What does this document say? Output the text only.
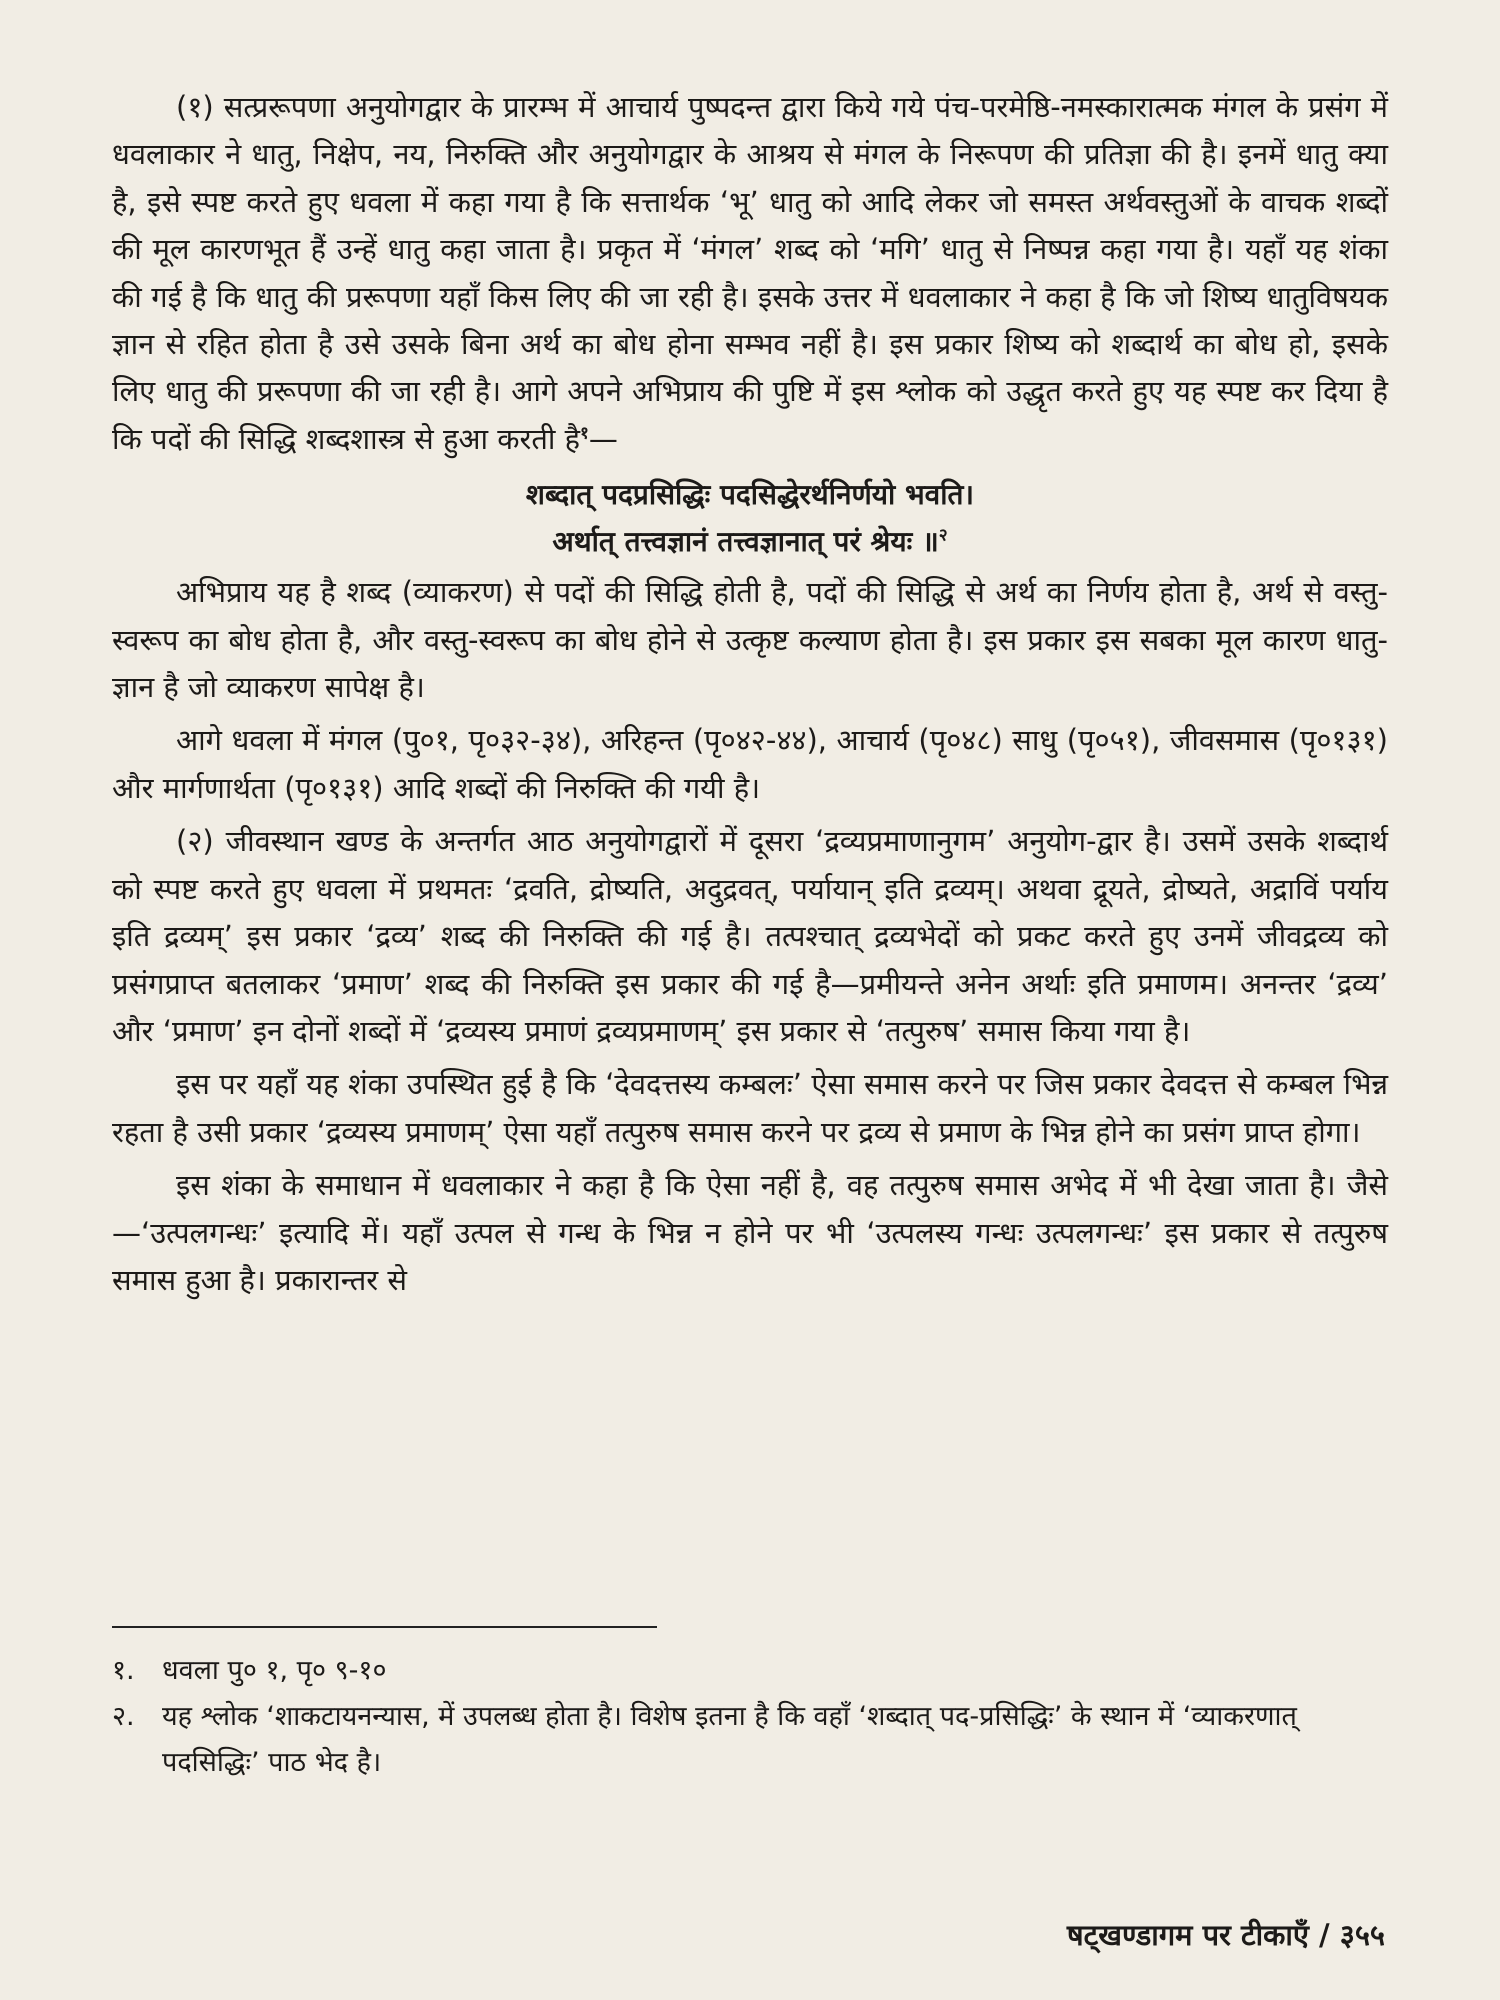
(१) सत्प्ररूपणा अनुयोगद्वार के प्रारम्भ में आचार्य पुष्पदन्त द्वारा किये गये पंच-परमेष्ठि-नमस्कारात्मक मंगल के प्रसंग में धवलाकार ने धातु, निक्षेप, नय, निरुक्ति और अनुयोगद्वार के आश्रय से मंगल के निरूपण की प्रतिज्ञा की है। इनमें धातु क्या है, इसे स्पष्ट करते हुए धवला में कहा गया है कि सत्तार्थक ‘भू’ धातु को आदि लेकर जो समस्त अर्थवस्तुओं के वाचक शब्दों की मूल कारणभूत हैं उन्हें धातु कहा जाता है। प्रकृत में ‘मंगल’ शब्द को ‘मगि’ धातु से निष्पन्न कहा गया है। यहाँ यह शंका की गई है कि धातु की प्ररूपणा यहाँ किस लिए की जा रही है। इसके उत्तर में धवलाकार ने कहा है कि जो शिष्य धातुविषयक ज्ञान से रहित होता है उसे उसके बिना अर्थ का बोध होना सम्भव नहीं है। इस प्रकार शिष्य को शब्दार्थ का बोध हो, इसके लिए धातु की प्ररूपणा की जा रही है। आगे अपने अभिप्राय की पुष्टि में इस श्लोक को उद्धृत करते हुए यह स्पष्ट कर दिया है कि पदों की सिद्धि शब्दशास्त्र से हुआ करती है$^१$—

शब्दात् पदप्रसिद्धिः पदसिद्धेरर्थनिर्णयो भवति।
अर्थात् तत्त्वज्ञानं तत्त्वज्ञानात् परं श्रेयः ॥$^२$

अभिप्राय यह है शब्द (व्याकरण) से पदों की सिद्धि होती है, पदों की सिद्धि से अर्थ का निर्णय होता है, अर्थ से वस्तु-स्वरूप का बोध होता है, और वस्तु-स्वरूप का बोध होने से उत्कृष्ट कल्याण होता है। इस प्रकार इस सबका मूल कारण धातु-ज्ञान है जो व्याकरण सापेक्ष है।

आगे धवला में मंगल (पु०१, पृ०३२-३४), अरिहन्त (पृ०४२-४४), आचार्य (पृ०४८) साधु (पृ०५१), जीवसमास (पृ०१३१) और मार्गणार्थता (पृ०१३१) आदि शब्दों की निरुक्ति की गयी है।

(२) जीवस्थान खण्ड के अन्तर्गत आठ अनुयोगद्वारों में दूसरा ‘द्रव्यप्रमाणानुगम’ अनुयोग-द्वार है। उसमें उसके शब्दार्थ को स्पष्ट करते हुए धवला में प्रथमतः ‘द्रवति, द्रोष्यति, अदुद्रवत्, पर्यायान् इति द्रव्यम्। अथवा द्रूयते, द्रोष्यते, अद्राविं पर्याय इति द्रव्यम्’ इस प्रकार ‘द्रव्य’ शब्द की निरुक्ति की गई है। तत्पश्चात् द्रव्यभेदों को प्रकट करते हुए उनमें जीवद्रव्य को प्रसंगप्राप्त बतलाकर ‘प्रमाण’ शब्द की निरुक्ति इस प्रकार की गई है—प्रमीयन्ते अनेन अर्थाः इति प्रमाणम। अनन्तर ‘द्रव्य’ और ‘प्रमाण’ इन दोनों शब्दों में ‘द्रव्यस्य प्रमाणं द्रव्यप्रमाणम्’ इस प्रकार से ‘तत्पुरुष’ समास किया गया है।

इस पर यहाँ यह शंका उपस्थित हुई है कि ‘देवदत्तस्य कम्बलः’ ऐसा समास करने पर जिस प्रकार देवदत्त से कम्बल भिन्न रहता है उसी प्रकार ‘द्रव्यस्य प्रमाणम्’ ऐसा यहाँ तत्पुरुष समास करने पर द्रव्य से प्रमाण के भिन्न होने का प्रसंग प्राप्त होगा।

इस शंका के समाधान में धवलाकार ने कहा है कि ऐसा नहीं है, वह तत्पुरुष समास अभेद में भी देखा जाता है। जैसे—‘उत्पलगन्धः’ इत्यादि में। यहाँ उत्पल से गन्ध के भिन्न न होने पर भी ‘उत्पलस्य गन्धः उत्पलगन्धः’ इस प्रकार से तत्पुरुष समास हुआ है। प्रकारान्तर से

१.	धवला पु० १, पृ० ९-१०
२.	यह श्लोक ‘शाकटायनन्यास, में उपलब्ध होता है। विशेष इतना है कि वहाँ ‘शब्दात् पद-प्रसिद्धिः’ के स्थान में ‘व्याकरणात् पदसिद्धिः’ पाठ भेद है।
षट्खण्डागम पर टीकाएँ / ३५५
